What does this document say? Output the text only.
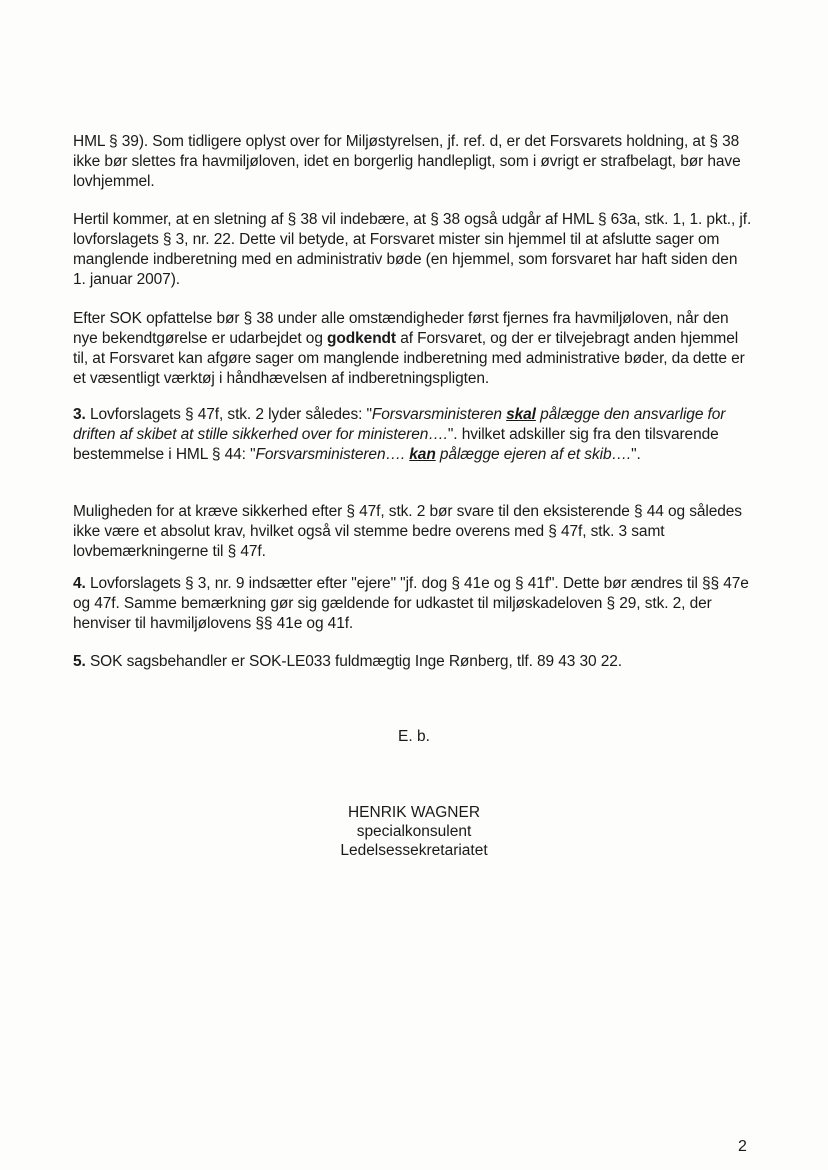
HML § 39). Som tidligere oplyst over for Miljøstyrelsen, jf. ref. d, er det Forsvarets holdning, at § 38 ikke bør slettes fra havmiljøloven, idet en borgerlig handlepligt, som i øvrigt er strafbelagt, bør have lovhjemmel.

Hertil kommer, at en sletning af § 38 vil indebære, at § 38 også udgår af HML § 63a, stk. 1, 1. pkt., jf. lovforslagets § 3, nr. 22. Dette vil betyde, at Forsvaret mister sin hjemmel til at afslutte sager om manglende indberetning med en administrativ bøde (en hjemmel, som forsvaret har haft siden den 1. januar 2007).

Efter SOK opfattelse bør § 38 under alle omstændigheder først fjernes fra havmiljøloven, når den nye bekendtgørelse er udarbejdet og godkendt af Forsvaret, og der er tilvejebragt anden hjemmel til, at Forsvaret kan afgøre sager om manglende indberetning med administrative bøder, da dette er et væsentligt værktøj i håndhævelsen af indberetningspligten.

3. Lovforslagets § 47f, stk. 2 lyder således: "Forsvarsministeren skal pålægge den ansvarlige for driften af skibet at stille sikkerhed over for ministeren….". hvilket adskiller sig fra den tilsvarende bestemmelse i HML § 44: "Forsvarsministeren…. kan pålægge ejeren af et skib….".

Muligheden for at kræve sikkerhed efter § 47f, stk. 2 bør svare til den eksisterende § 44 og således ikke være et absolut krav, hvilket også vil stemme bedre overens med § 47f, stk. 3 samt lovbemærkningerne til § 47f.

4. Lovforslagets § 3, nr. 9 indsætter efter "ejere" "jf. dog § 41e og § 41f". Dette bør ændres til §§ 47e og 47f. Samme bemærkning gør sig gældende for udkastet til miljøskadeloven § 29, stk. 2, der henviser til havmiljølovens §§ 41e og 41f.

5. SOK sagsbehandler er SOK-LE033 fuldmægtig Inge Rønberg, tlf. 89 43 30 22.

E. b.
HENRIK WAGNER
specialkonsulent
Ledelsessekretariatet
2
